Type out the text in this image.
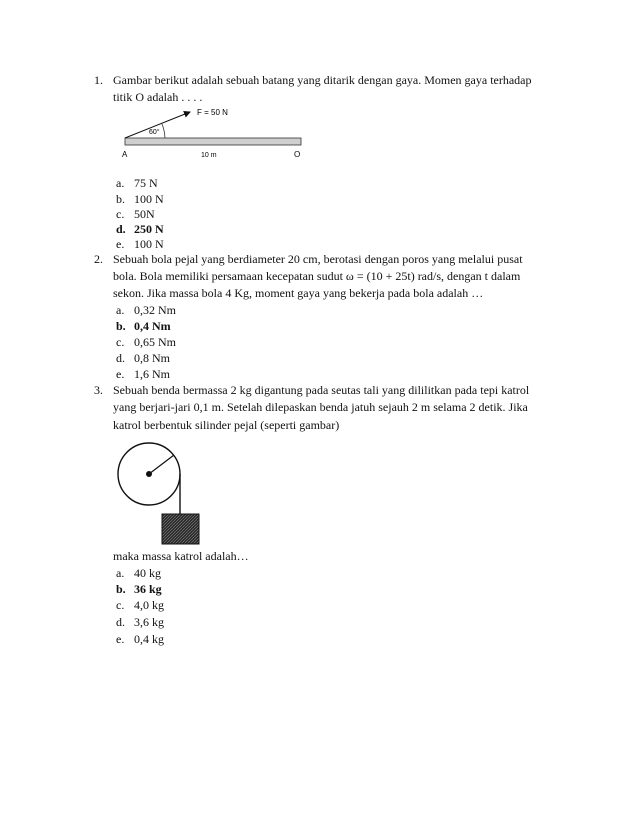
1. Gambar berikut adalah sebuah batang yang ditarik dengan gaya. Momen gaya terhadap
titik O adalah . . . .
F = 50 N
60°
A	10 m	O
a. 75 N
b. 100 N
c. 50N
d. 250 N
e. 100 N
2. Sebuah bola pejal yang berdiameter 20 cm, berotasi dengan poros yang melalui pusat
bola. Bola memiliki persamaan kecepatan sudut ω = (10 + 25t) rad/s, dengan t dalam
sekon. Jika massa bola 4 Kg, moment gaya yang bekerja pada bola adalah …
a. 0,32 Nm
b. 0,4 Nm
c. 0,65 Nm
d. 0,8 Nm
e. 1,6 Nm
3. Sebuah benda bermassa 2 kg digantung pada seutas tali yang dililitkan pada tepi katrol
yang berjari-jari 0,1 m. Setelah dilepaskan benda jatuh sejauh 2 m selama 2 detik. Jika
katrol berbentuk silinder pejal (seperti gambar)
maka massa katrol adalah…
a. 40 kg
b. 36 kg
c. 4,0 kg
d. 3,6 kg
e. 0,4 kg
